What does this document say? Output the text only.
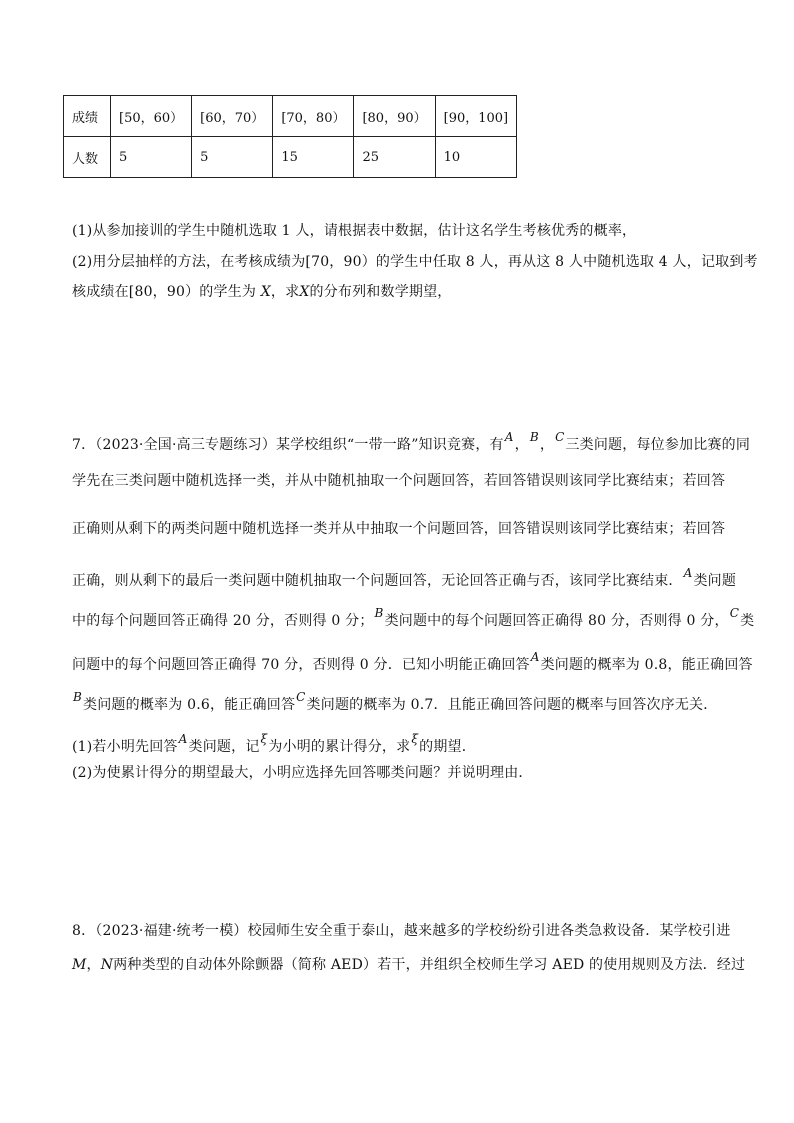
成绩	[50，60）	[60，70）	[70，80）	[80，90）	[90，100]
人数	5	5	15	25	10
(1)从参加接训的学生中随机选取 1 人，请根据表中数据，估计这名学生考核优秀的概率，
(2)用分层抽样的方法，在考核成绩为[70，90）的学生中任取 8 人，再从这 8 人中随机选取 4 人，记取到考
核成绩在[80，90）的学生为 X，求X的分布列和数学期望，
7．（2023·全国·高三专题练习）某学校组织“一带一路”知识竞赛，有A，B，C三类问题，每位参加比赛的同
学先在三类问题中随机选择一类，并从中随机抽取一个问题回答，若回答错误则该同学比赛结束；若回答
正确则从剩下的两类问题中随机选择一类并从中抽取一个问题回答，回答错误则该同学比赛结束；若回答
正确，则从剩下的最后一类问题中随机抽取一个问题回答，无论回答正确与否，该同学比赛结束．A类问题
中的每个问题回答正确得 20 分，否则得 0 分；B类问题中的每个问题回答正确得 80 分，否则得 0 分，C类
问题中的每个问题回答正确得 70 分，否则得 0 分．已知小明能正确回答A类问题的概率为 0.8，能正确回答
B类问题的概率为 0.6，能正确回答C类问题的概率为 0.7．且能正确回答问题的概率与回答次序无关．
(1)若小明先回答A类问题，记ξ为小明的累计得分，求ξ的期望．
(2)为使累计得分的期望最大，小明应选择先回答哪类问题？并说明理由．
8．（2023·福建·统考一模）校园师生安全重于泰山，越来越多的学校纷纷引进各类急救设备．某学校引进
M，N两种类型的自动体外除颤器（简称 AED）若干，并组织全校师生学习 AED 的使用规则及方法．经过
